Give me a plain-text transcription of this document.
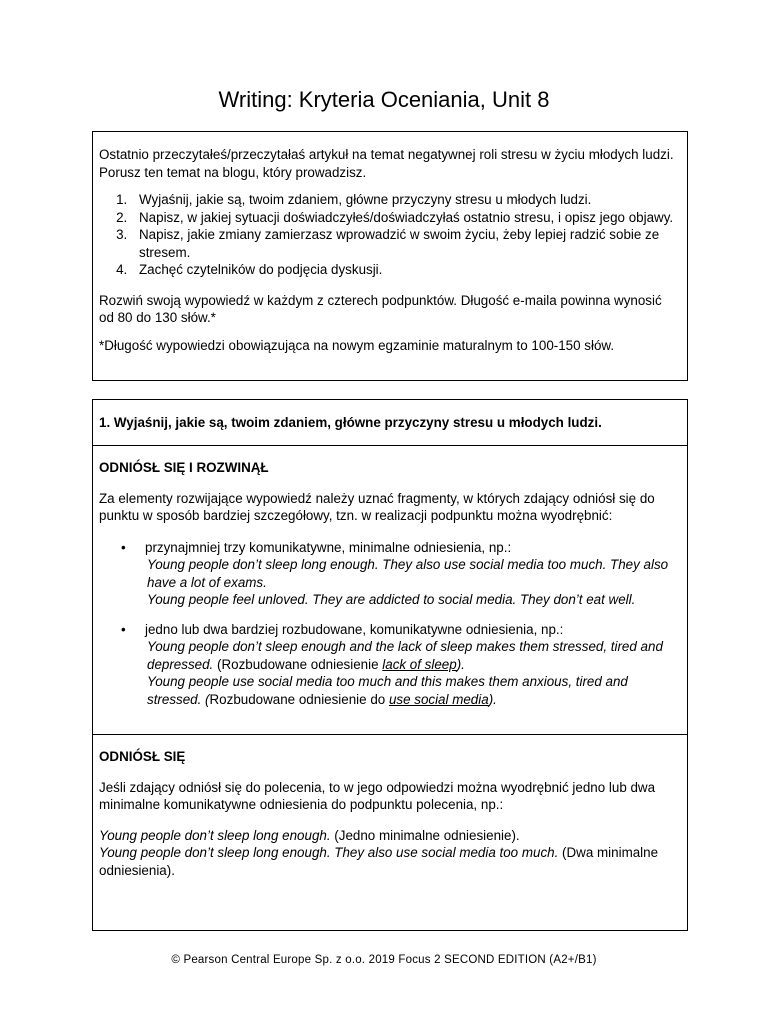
Writing: Kryteria Oceniania, Unit 8

Ostatnio przeczytałeś/przeczytałaś artykuł na temat negatywnej roli stresu w życiu młodych ludzi. Porusz ten temat na blogu, który prowadzisz.

1. Wyjaśnij, jakie są, twoim zdaniem, główne przyczyny stresu u młodych ludzi.
2. Napisz, w jakiej sytuacji doświadczyłeś/doświadczyłaś ostatnio stresu, i opisz jego objawy.
3. Napisz, jakie zmiany zamierzasz wprowadzić w swoim życiu, żeby lepiej radzić sobie ze stresem.
4. Zachęć czytelników do podjęcia dyskusji.

Rozwiń swoją wypowiedź w każdym z czterech podpunktów. Długość e-maila powinna wynosić od 80 do 130 słów.*

*Długość wypowiedzi obowiązująca na nowym egzaminie maturalnym to 100-150 słów.

1. Wyjaśnij, jakie są, twoim zdaniem, główne przyczyny stresu u młodych ludzi.

ODNIÓSŁ SIĘ I ROZWINĄŁ

Za elementy rozwijające wypowiedź należy uznać fragmenty, w których zdający odniósł się do punktu w sposób bardziej szczegółowy, tzn. w realizacji podpunktu można wyodrębnić:

• przynajmniej trzy komunikatywne, minimalne odniesienia, np.:
Young people don’t sleep long enough. They also use social media too much. They also have a lot of exams.
Young people feel unloved. They are addicted to social media. They don’t eat well.
• jedno lub dwa bardziej rozbudowane, komunikatywne odniesienia, np.:
Young people don’t sleep enough and the lack of sleep makes them stressed, tired and depressed. (Rozbudowane odniesienie lack of sleep).
Young people use social media too much and this makes them anxious, tired and stressed. (Rozbudowane odniesienie do use social media).

ODNIÓSŁ SIĘ

Jeśli zdający odniósł się do polecenia, to w jego odpowiedzi można wyodrębnić jedno lub dwa minimalne komunikatywne odniesienia do podpunktu polecenia, np.:

Young people don’t sleep long enough. (Jedno minimalne odniesienie).

Young people don’t sleep long enough. They also use social media too much. (Dwa minimalne odniesienia).

© Pearson Central Europe Sp. z o.o. 2019 Focus 2 SECOND EDITION (A2+/B1)
